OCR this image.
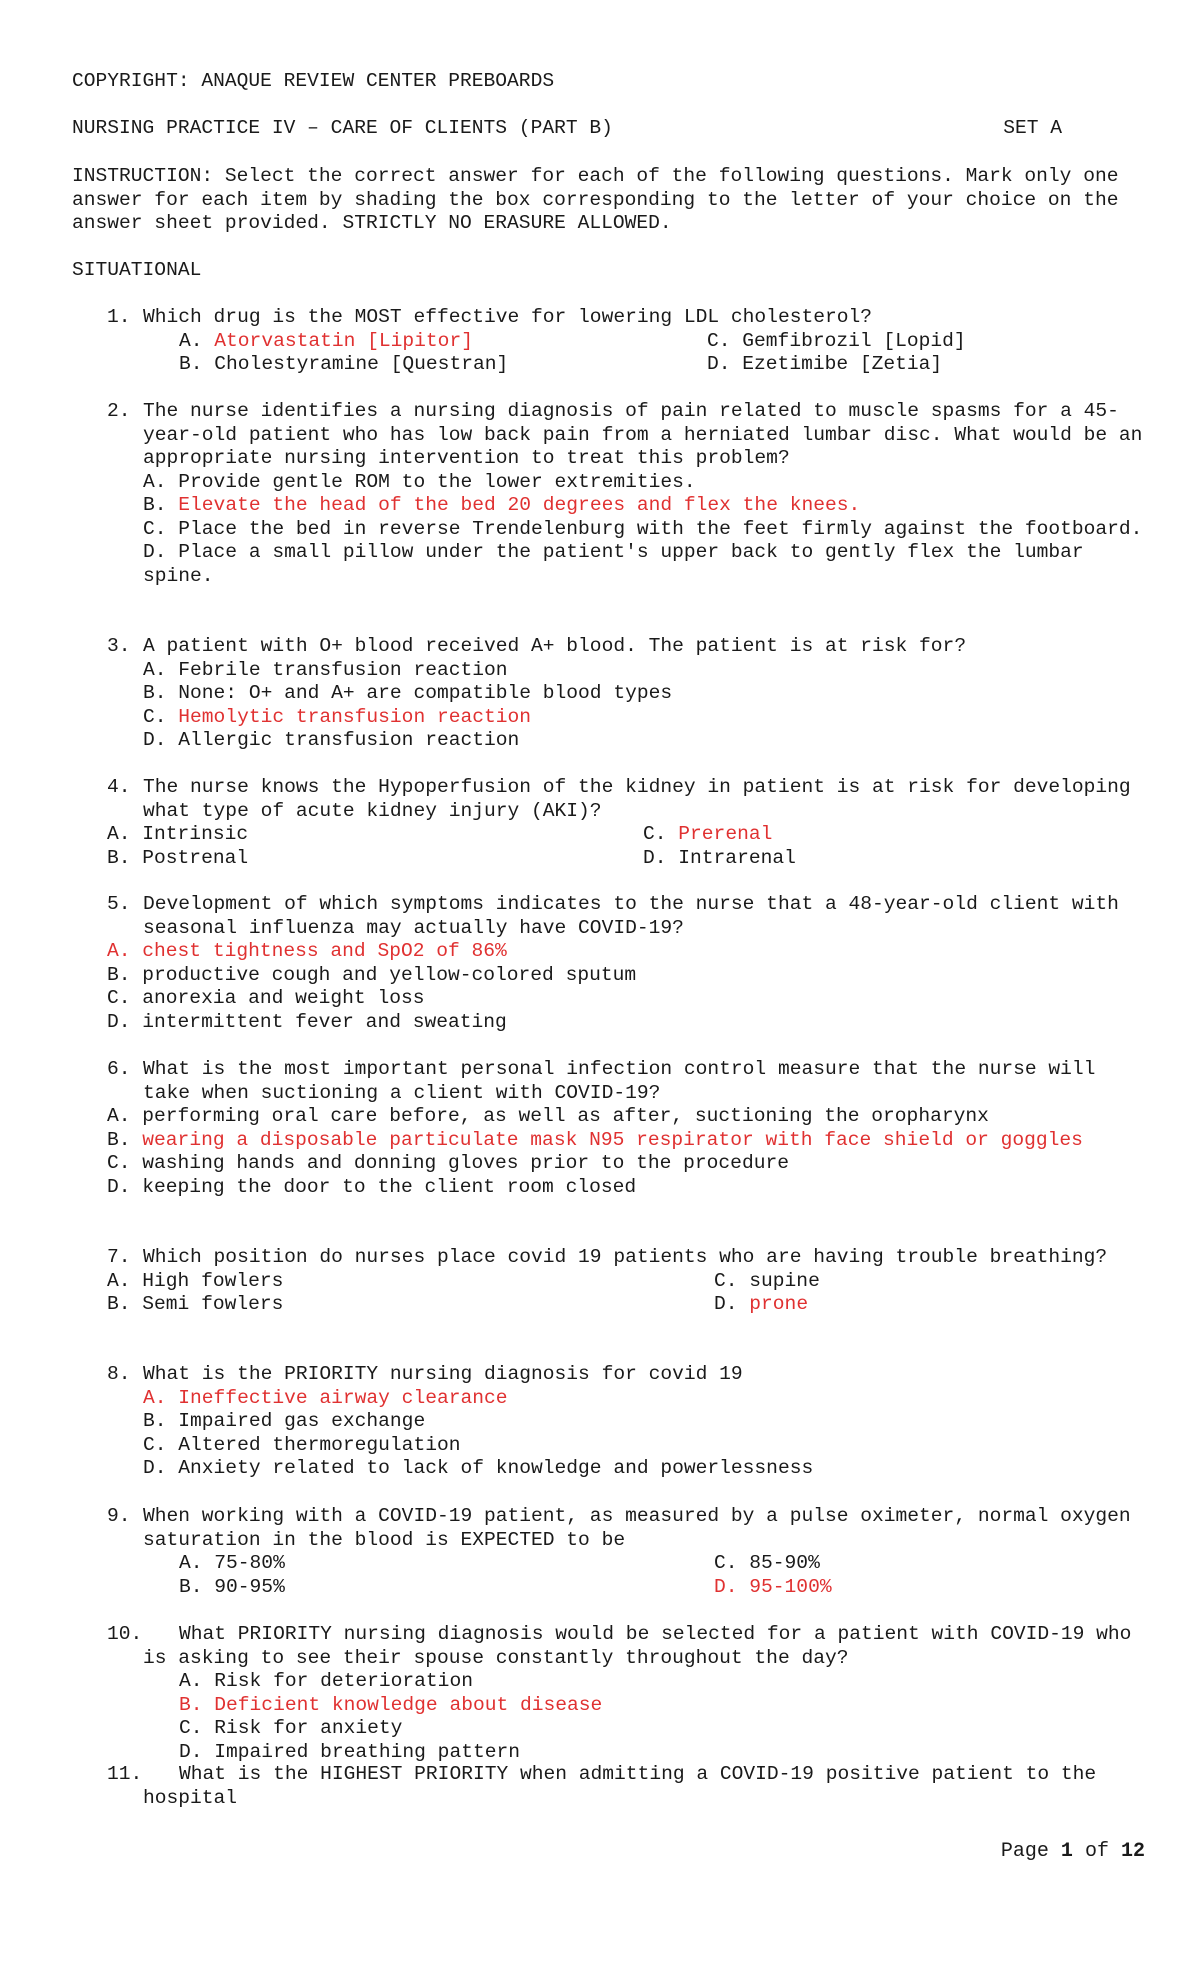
COPYRIGHT: ANAQUE REVIEW CENTER PREBOARDS
NURSING PRACTICE IV – CARE OF CLIENTS (PART B)	SET A
INSTRUCTION: Select the correct answer for each of the following questions. Mark only one answer for each item by shading the box corresponding to the letter of your choice on the answer sheet provided. STRICTLY NO ERASURE ALLOWED.
SITUATIONAL

1. Which drug is the MOST effective for lowering LDL cholesterol?

A. Atorvastatin [Lipitor]	C. Gemfibrozil [Lopid]
B. Cholestyramine [Questran]	D. Ezetimibe [Zetia]

2. The nurse identifies a nursing diagnosis of pain related to muscle spasms for a 45-year-old patient who has low back pain from a herniated lumbar disc. What would be an appropriate nursing intervention to treat this problem?

A. Provide gentle ROM to the lower extremities.

B. Elevate the head of the bed 20 degrees and flex the knees.

C. Place the bed in reverse Trendelenburg with the feet firmly against the footboard.

D. Place a small pillow under the patient's upper back to gently flex the lumbar spine.

3. A patient with O+ blood received A+ blood. The patient is at risk for?

A. Febrile transfusion reaction

B. None: O+ and A+ are compatible blood types

C. Hemolytic transfusion reaction

D. Allergic transfusion reaction

4. The nurse knows the Hypoperfusion of the kidney in patient is at risk for developing what type of acute kidney injury (AKI)?

A. Intrinsic	C. Prerenal
B. Postrenal	D. Intrarenal

5. Development of which symptoms indicates to the nurse that a 48-year-old client with seasonal influenza may actually have COVID-19?

A. chest tightness and SpO2 of 86%

B. productive cough and yellow-colored sputum

C. anorexia and weight loss

D. intermittent fever and sweating

6. What is the most important personal infection control measure that the nurse will take when suctioning a client with COVID-19?

A. performing oral care before, as well as after, suctioning the oropharynx

B. wearing a disposable particulate mask N95 respirator with face shield or goggles

C. washing hands and donning gloves prior to the procedure

D. keeping the door to the client room closed

7. Which position do nurses place covid 19 patients who are having trouble breathing?

A. High fowlers	C. supine
B. Semi fowlers	D. prone

8. What is the PRIORITY nursing diagnosis for covid 19

A. Ineffective airway clearance

B. Impaired gas exchange

C. Altered thermoregulation

D. Anxiety related to lack of knowledge and powerlessness

9. When working with a COVID-19 patient, as measured by a pulse oximeter, normal oxygen saturation in the blood is EXPECTED to be

A. 75-80%	C. 85-90%
B. 90-95%	D. 95-100%

10. What PRIORITY nursing diagnosis would be selected for a patient with COVID-19 who is asking to see their spouse constantly throughout the day?

A. Risk for deterioration

B. Deficient knowledge about disease

C. Risk for anxiety

D. Impaired breathing pattern

11. What is the HIGHEST PRIORITY when admitting a COVID-19 positive patient to the hospital

Page 1 of 12
